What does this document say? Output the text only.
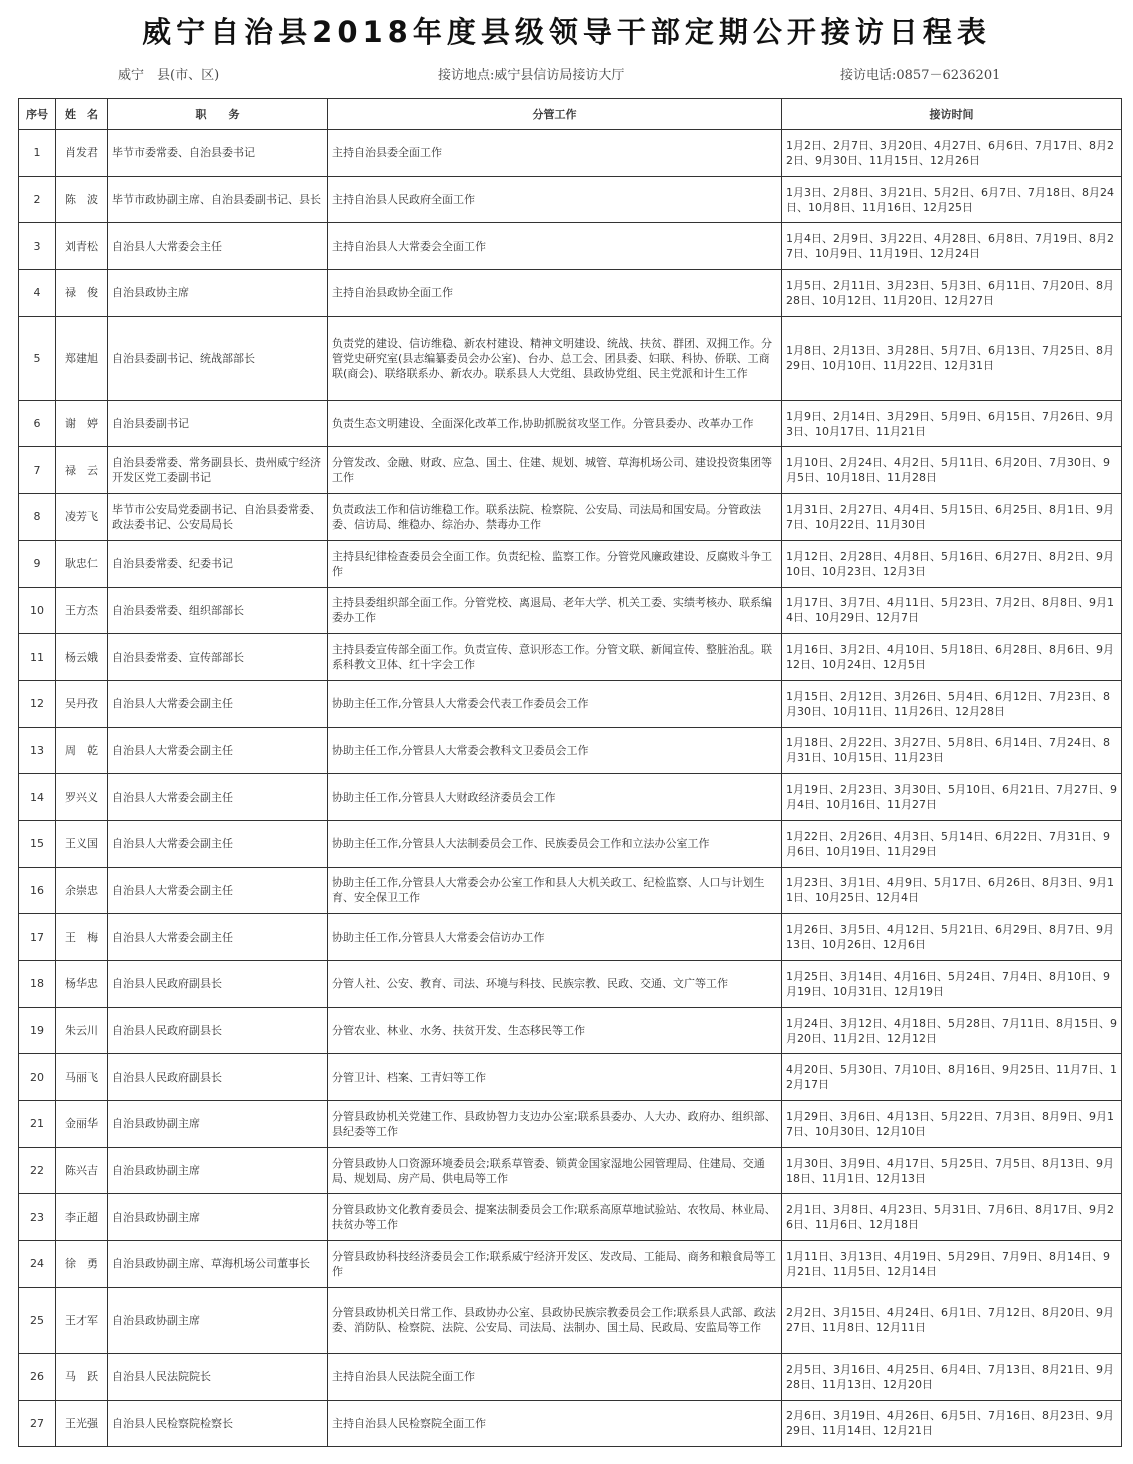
威宁自治县2018年度县级领导干部定期公开接访日程表
威宁　县(市、区)	接访地点:威宁县信访局接访大厅	接访电话:0857－6236201
序号	姓　名	职　　务	分管工作	接访时间
1	肖发君	毕节市委常委、自治县委书记	主持自治县委全面工作	1月2日、2月7日、3月20日、4月27日、6月6日、7月17日、8月22日、9月30日、11月15日、12月26日
2	陈　波	毕节市政协副主席、自治县委副书记、县长	主持自治县人民政府全面工作	1月3日、2月8日、3月21日、5月2日、6月7日、7月18日、8月24日、10月8日、11月16日、12月25日
3	刘青松	自治县人大常委会主任	主持自治县人大常委会全面工作	1月4日、2月9日、3月22日、4月28日、6月8日、7月19日、8月27日、10月9日、11月19日、12月24日
4	禄　俊	自治县政协主席	主持自治县政协全面工作	1月5日、2月11日、3月23日、5月3日、6月11日、7月20日、8月28日、10月12日、11月20日、12月27日
5	郑建旭	自治县委副书记、统战部部长	负责党的建设、信访维稳、新农村建设、精神文明建设、统战、扶贫、群团、双拥工作。分管党史研究室(县志编纂委员会办公室)、台办、总工会、团县委、妇联、科协、侨联、工商联(商会)、联络联系办、新农办。联系县人大党组、县政协党组、民主党派和计生工作	1月8日、2月13日、3月28日、5月7日、6月13日、7月25日、8月29日、10月10日、11月22日、12月31日
6	谢　婷	自治县委副书记	负责生态文明建设、全面深化改革工作,协助抓脱贫攻坚工作。分管县委办、改革办工作	1月9日、2月14日、3月29日、5月9日、6月15日、7月26日、9月3日、10月17日、11月21日
7	禄　云	自治县委常委、常务副县长、贵州威宁经济开发区党工委副书记	分管发改、金融、财政、应急、国土、住建、规划、城管、草海机场公司、建设投资集团等工作	1月10日、2月24日、4月2日、5月11日、6月20日、7月30日、9月5日、10月18日、11月28日
8	凌芳飞	毕节市公安局党委副书记、自治县委常委、政法委书记、公安局局长	负责政法工作和信访维稳工作。联系法院、检察院、公安局、司法局和国安局。分管政法委、信访局、维稳办、综治办、禁毒办工作	1月31日、2月27日、4月4日、5月15日、6月25日、8月1日、9月7日、10月22日、11月30日
9	耿忠仁	自治县委常委、纪委书记	主持县纪律检查委员会全面工作。负责纪检、监察工作。分管党风廉政建设、反腐败斗争工作	1月12日、2月28日、4月8日、5月16日、6月27日、8月2日、9月10日、10月23日、12月3日
10	王方杰	自治县委常委、组织部部长	主持县委组织部全面工作。分管党校、离退局、老年大学、机关工委、实绩考核办、联系编委办工作	1月17日、3月7日、4月11日、5月23日、7月2日、8月8日、9月14日、10月29日、12月7日
11	杨云娥	自治县委常委、宣传部部长	主持县委宣传部全面工作。负责宣传、意识形态工作。分管文联、新闻宣传、整脏治乱。联系科教文卫体、红十字会工作	1月16日、3月2日、4月10日、5月18日、6月28日、8月6日、9月12日、10月24日、12月5日
12	吴丹孜	自治县人大常委会副主任	协助主任工作,分管县人大常委会代表工作委员会工作	1月15日、2月12日、3月26日、5月4日、6月12日、7月23日、8月30日、10月11日、11月26日、12月28日
13	周　乾	自治县人大常委会副主任	协助主任工作,分管县人大常委会教科文卫委员会工作	1月18日、2月22日、3月27日、5月8日、6月14日、7月24日、8月31日、10月15日、11月23日
14	罗兴义	自治县人大常委会副主任	协助主任工作,分管县人大财政经济委员会工作	1月19日、2月23日、3月30日、5月10日、6月21日、7月27日、9月4日、10月16日、11月27日
15	王义国	自治县人大常委会副主任	协助主任工作,分管县人大法制委员会工作、民族委员会工作和立法办公室工作	1月22日、2月26日、4月3日、5月14日、6月22日、7月31日、9月6日、10月19日、11月29日
16	余崇忠	自治县人大常委会副主任	协助主任工作,分管县人大常委会办公室工作和县人大机关政工、纪检监察、人口与计划生育、安全保卫工作	1月23日、3月1日、4月9日、5月17日、6月26日、8月3日、9月11日、10月25日、12月4日
17	王　梅	自治县人大常委会副主任	协助主任工作,分管县人大常委会信访办工作	1月26日、3月5日、4月12日、5月21日、6月29日、8月7日、9月13日、10月26日、12月6日
18	杨华忠	自治县人民政府副县长	分管人社、公安、教育、司法、环境与科技、民族宗教、民政、交通、文广等工作	1月25日、3月14日、4月16日、5月24日、7月4日、8月10日、9月19日、10月31日、12月19日
19	朱云川	自治县人民政府副县长	分管农业、林业、水务、扶贫开发、生态移民等工作	1月24日、3月12日、4月18日、5月28日、7月11日、8月15日、9月20日、11月2日、12月12日
20	马丽飞	自治县人民政府副县长	分管卫计、档案、工青妇等工作	4月20日、5月30日、7月10日、8月16日、9月25日、11月7日、12月17日
21	金丽华	自治县政协副主席	分管县政协机关党建工作、县政协智力支边办公室;联系县委办、人大办、政府办、组织部、县纪委等工作	1月29日、3月6日、4月13日、5月22日、7月3日、8月9日、9月17日、10月30日、12月10日
22	陈兴吉	自治县政协副主席	分管县政协人口资源环境委员会;联系草管委、锁黄金国家湿地公园管理局、住建局、交通局、规划局、房产局、供电局等工作	1月30日、3月9日、4月17日、5月25日、7月5日、8月13日、9月18日、11月1日、12月13日
23	李正超	自治县政协副主席	分管县政协文化教育委员会、提案法制委员会工作;联系高原草地试验站、农牧局、林业局、扶贫办等工作	2月1日、3月8日、4月23日、5月31日、7月6日、8月17日、9月26日、11月6日、12月18日
24	徐　勇	自治县政协副主席、草海机场公司董事长	分管县政协科技经济委员会工作;联系威宁经济开发区、发改局、工能局、商务和粮食局等工作	1月11日、3月13日、4月19日、5月29日、7月9日、8月14日、9月21日、11月5日、12月14日
25	王才军	自治县政协副主席	分管县政协机关日常工作、县政协办公室、县政协民族宗教委员会工作;联系县人武部、政法委、消防队、检察院、法院、公安局、司法局、法制办、国土局、民政局、安监局等工作	2月2日、3月15日、4月24日、6月1日、7月12日、8月20日、9月27日、11月8日、12月11日
26	马　跃	自治县人民法院院长	主持自治县人民法院全面工作	2月5日、3月16日、4月25日、6月4日、7月13日、8月21日、9月28日、11月13日、12月20日
27	王光强	自治县人民检察院检察长	主持自治县人民检察院全面工作	2月6日、3月19日、4月26日、6月5日、7月16日、8月23日、9月29日、11月14日、12月21日
